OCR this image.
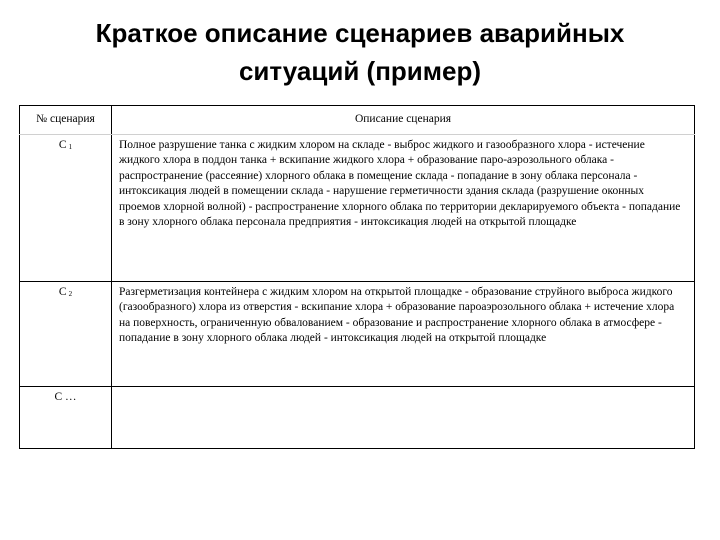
Краткое описание сценариев аварийных
ситуаций (пример)
№ сценария	Описание сценария
С 1	Полное разрушение танка с жидким хлором на складе - выброс жидкого и газообразного хлора - истечение жидкого хлора в поддон танка + вскипание жидкого хлора + образование паро-аэрозольного облака - распространение (рассеяние) хлорного облака в помещение склада - попадание в зону облака персонала - интоксикация людей в помещении склада - нарушение герметичности здания склада (разрушение оконных проемов хлорной волной) - распространение хлорного облака по территории декларируемого объекта - попадание в зону хлорного облака персонала предприятия - интоксикация людей на открытой площадке
С 2	Разгерметизация контейнера с жидким хлором на открытой площадке - образование струйного выброса жидкого (газообразного) хлора из отверстия - вскипание хлора + образование пароаэрозольного облака + истечение хлора на поверхность, ограниченную обвалованием - образование и распространение хлорного облака в атмосфере - попадание в зону хлорного облака людей - интоксикация людей на открытой площадке
С …	
